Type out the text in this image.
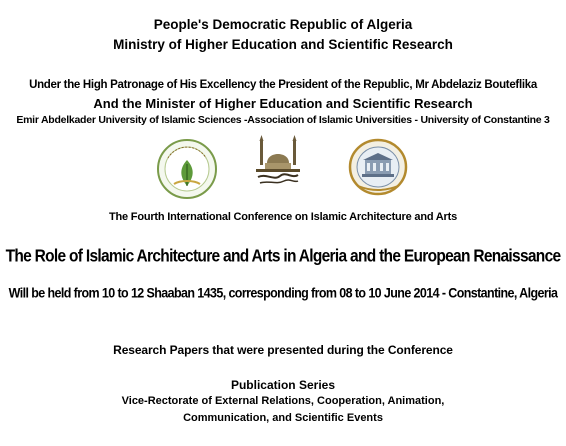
People's Democratic Republic of Algeria
Ministry of Higher Education and Scientific Research
Under the High Patronage of His Excellency the President of the Republic, Mr Abdelaziz Bouteflika
And the Minister of Higher Education and Scientific Research
Emir Abdelkader University of Islamic Sciences -Association of Islamic Universities - University of Constantine 3
The Fourth International Conference on Islamic Architecture and Arts
The Role of Islamic Architecture and Arts in Algeria and the European Renaissance
Will be held from 10 to 12 Shaaban 1435, corresponding from 08 to 10 June 2014 - Constantine, Algeria
Research Papers that were presented during the Conference
Publication Series
Vice-Rectorate of External Relations, Cooperation, Animation,
Communication, and Scientific Events
